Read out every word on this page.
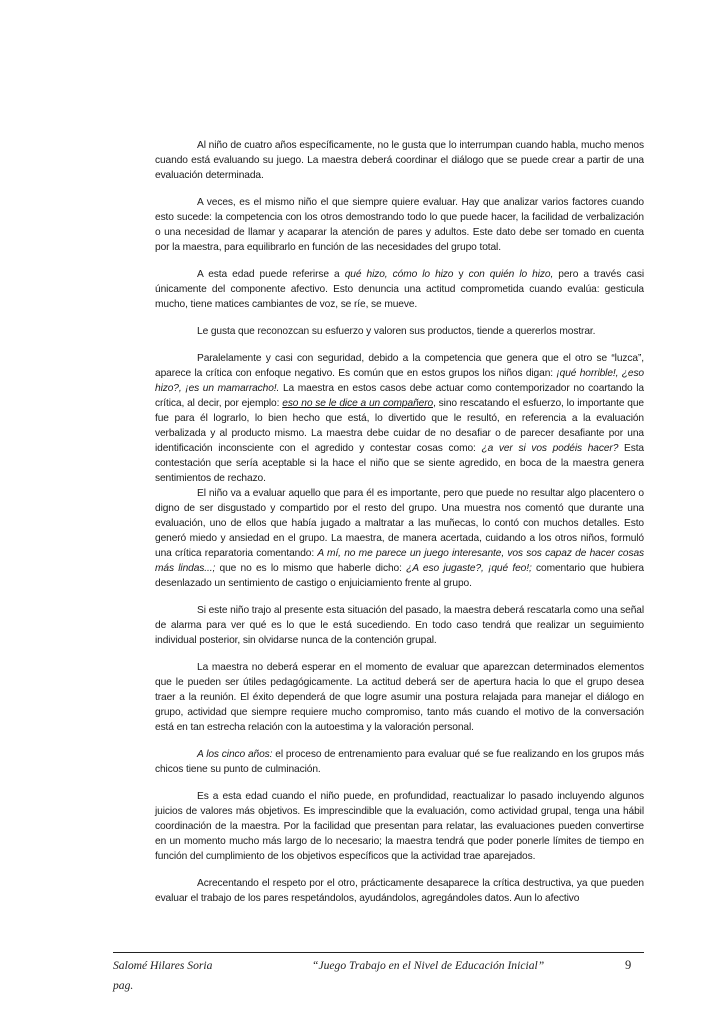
Al niño de cuatro años específicamente, no le gusta que lo interrumpan cuando habla, mucho menos cuando está evaluando su juego. La maestra deberá coordinar el diálogo que se puede crear a partir de una evaluación determinada.

A veces, es el mismo niño el que siempre quiere evaluar. Hay que analizar varios factores cuando esto sucede: la competencia con los otros demostrando todo lo que puede hacer, la facilidad de verbalización o una necesidad de llamar y acaparar la atención de pares y adultos. Este dato debe ser tomado en cuenta por la maestra, para equilibrarlo en función de las necesidades del grupo total.

A esta edad puede referirse a qué hizo, cómo lo hizo y con quién lo hizo, pero a través casi únicamente del componente afectivo. Esto denuncia una actitud comprometida cuando evalúa: gesticula mucho, tiene matices cambiantes de voz, se ríe, se mueve.

Le gusta que reconozcan su esfuerzo y valoren sus productos, tiende a quererlos mostrar.

Paralelamente y casi con seguridad, debido a la competencia que genera que el otro se “luzca”, aparece la crítica con enfoque negativo. Es común que en estos grupos los niños digan: ¡qué horrible!, ¿eso hizo?, ¡es un mamarracho!. La maestra en estos casos debe actuar como contemporizador no coartando la crítica, al decir, por ejemplo: eso no se le dice a un compañero, sino rescatando el esfuerzo, lo importante que fue para él lograrlo, lo bien hecho que está, lo divertido que le resultó, en referencia a la evaluación verbalizada y al producto mismo. La maestra debe cuidar de no desafiar o de parecer desafiante por una identificación inconsciente con el agredido y contestar cosas como: ¿a ver si vos podéis hacer? Esta contestación que sería aceptable si la hace el niño que se siente agredido, en boca de la maestra genera sentimientos de rechazo.

El niño va a evaluar aquello que para él es importante, pero que puede no resultar algo placentero o digno de ser disgustado y compartido por el resto del grupo. Una muestra nos comentó que durante una evaluación, uno de ellos que había jugado a maltratar a las muñecas, lo contó con muchos detalles. Esto generó miedo y ansiedad en el grupo. La maestra, de manera acertada, cuidando a los otros niños, formuló una crítica reparatoria comentando: A mí, no me parece un juego interesante, vos sos capaz de hacer cosas más lindas...; que no es lo mismo que haberle dicho: ¿A eso jugaste?, ¡qué feo!; comentario que hubiera desenlazado un sentimiento de castigo o enjuiciamiento frente al grupo.

Si este niño trajo al presente esta situación del pasado, la maestra deberá rescatarla como una señal de alarma para ver qué es lo que le está sucediendo. En todo caso tendrá que realizar un seguimiento individual posterior, sin olvidarse nunca de la contención grupal.

La maestra no deberá esperar en el momento de evaluar que aparezcan determinados elementos que le pueden ser útiles pedagógicamente. La actitud deberá ser de apertura hacia lo que el grupo desea traer a la reunión. El éxito dependerá de que logre asumir una postura relajada para manejar el diálogo en grupo, actividad que siempre requiere mucho compromiso, tanto más cuando el motivo de la conversación está en tan estrecha relación con la autoestima y la valoración personal.

A los cinco años: el proceso de entrenamiento para evaluar qué se fue realizando en los grupos más chicos tiene su punto de culminación.

Es a esta edad cuando el niño puede, en profundidad, reactualizar lo pasado incluyendo algunos juicios de valores más objetivos. Es imprescindible que la evaluación, como actividad grupal, tenga una hábil coordinación de la maestra. Por la facilidad que presentan para relatar, las evaluaciones pueden convertirse en un momento mucho más largo de lo necesario; la maestra tendrá que poder ponerle límites de tiempo en función del cumplimiento de los objetivos específicos que la actividad trae aparejados.

Acrecentando el respeto por el otro, prácticamente desaparece la crítica destructiva, ya que pueden evaluar el trabajo de los pares respetándolos, ayudándolos, agregándoles datos. Aun lo afectivo

Salomé Hilares Soria	“Juego Trabajo en el Nivel de Educación Inicial”	9
pag.
